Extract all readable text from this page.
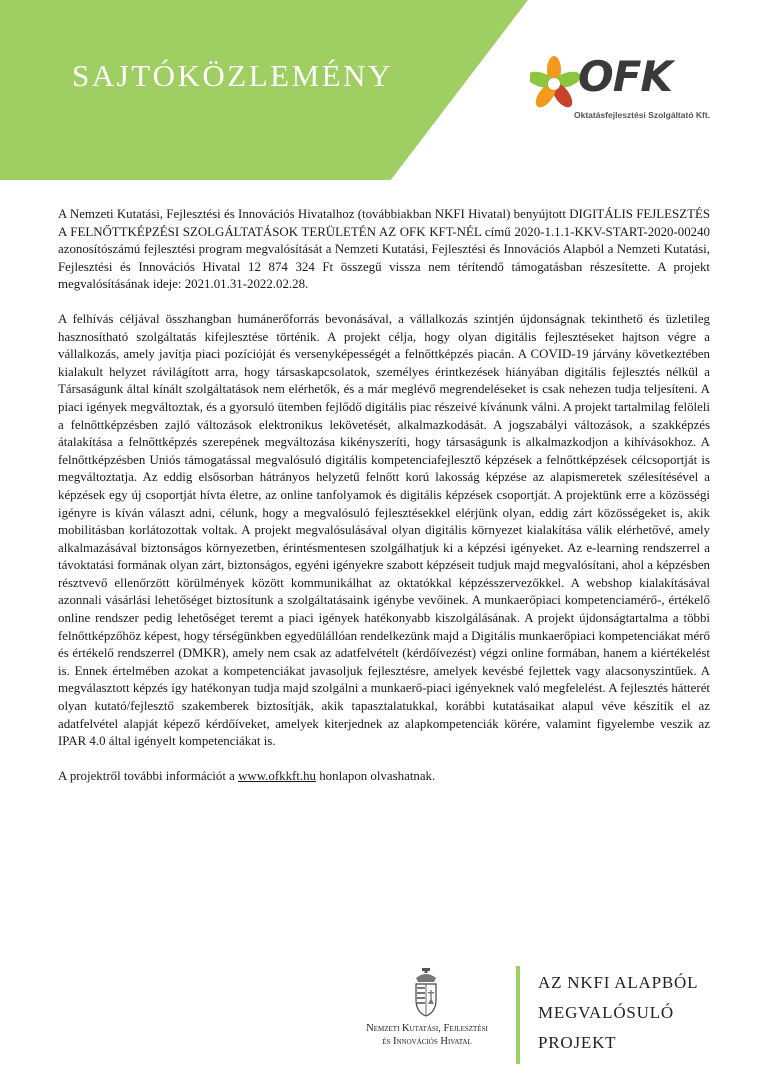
SAJTÓKÖZLEMÉNY	OFK
Oktatásfejlesztési Szolgáltató Kft.

A Nemzeti Kutatási, Fejlesztési és Innovációs Hivatalhoz (továbbiakban NKFI Hivatal) benyújtott DIGITÁLIS FEJLESZTÉS A FELNŐTTKÉPZÉSI SZOLGÁLTATÁSOK TERÜLETÉN AZ OFK KFT-NÉL című 2020-1.1.1-KKV-START-2020-00240 azonosítószámú fejlesztési program megvalósítását a Nemzeti Kutatási, Fejlesztési és Innovációs Alapból a Nemzeti Kutatási, Fejlesztési és Innovációs Hivatal 12 874 324 Ft összegű vissza nem térítendő támogatásban részesítette. A projekt megvalósításának ideje: 2021.01.31-2022.02.28.

A felhívás céljával összhangban humánerőforrás bevonásával, a vállalkozás szintjén újdonságnak tekinthető és üzletileg hasznosítható szolgáltatás kifejlesztése történik. A projekt célja, hogy olyan digitális fejlesztéseket hajtson végre a vállalkozás, amely javítja piaci pozícióját és versenyképességét a felnőttképzés piacán. A COVID-19 járvány következtében kialakult helyzet rávilágított arra, hogy társaskapcsolatok, személyes érintkezések hiányában digitális fejlesztés nélkül a Társaságunk által kínált szolgáltatások nem elérhetők, és a már meglévő megrendeléseket is csak nehezen tudja teljesíteni. A piaci igények megváltoztak, és a gyorsuló ütemben fejlődő digitális piac részeivé kívánunk válni. A projekt tartalmilag felöleli a felnőttképzésben zajló változások elektronikus lekövetését, alkalmazkodását. A jogszabályi változások, a szakképzés átalakítása a felnőttképzés szerepének megváltozása kikényszeríti, hogy társaságunk is alkalmazkodjon a kihívásokhoz. A felnőttképzésben Uniós támogatással megvalósuló digitális kompetenciafejlesztő képzések a felnőttképzések célcsoportját is megváltoztatja. Az eddig elsősorban hátrányos helyzetű felnőtt korú lakosság képzése az alapismeretek szélesítésével a képzések egy új csoportját hívta életre, az online tanfolyamok és digitális képzések csoportját. A projektünk erre a közösségi igényre is kíván választ adni, célunk, hogy a megvalósuló fejlesztésekkel elérjünk olyan, eddig zárt közösségeket is, akik mobilitásban korlátozottak voltak. A projekt megvalósulásával olyan digitális környezet kialakítása válik elérhetővé, amely alkalmazásával biztonságos környezetben, érintésmentesen szolgálhatjuk ki a képzési igényeket. Az e-learning rendszerrel a távoktatási formának olyan zárt, biztonságos, egyéni igényekre szabott képzéseit tudjuk majd megvalósítani, ahol a képzésben résztvevő ellenőrzött körülmények között kommunikálhat az oktatókkal képzésszervezőkkel. A webshop kialakításával azonnali vásárlási lehetőséget biztosítunk a szolgáltatásaink igénybe vevőinek. A munkaerőpiaci kompetenciamérő-, értékelő online rendszer pedig lehetőséget teremt a piaci igények hatékonyabb kiszolgálásának. A projekt újdonságtartalma a többi felnőttképzőhöz képest, hogy térségünkben egyedülállóan rendelkezünk majd a Digitális munkaerőpiaci kompetenciákat mérő és értékelő rendszerrel (DMKR), amely nem csak az adatfelvételt (kérdőívezést) végzi online formában, hanem a kiértékelést is. Ennek értelmében azokat a kompetenciákat javasoljuk fejlesztésre, amelyek kevésbé fejlettek vagy alacsonyszintűek. A megválasztott képzés így hatékonyan tudja majd szolgálni a munkaerő-piaci igényeknek való megfelelést. A fejlesztés hátterét olyan kutató/fejlesztő szakemberek biztosítják, akik tapasztalatukkal, korábbi kutatásaikat alapul véve készítik el az adatfelvétel alapját képező kérdőíveket, amelyek kiterjednek az alapkompetenciák körére, valamint figyelembe veszik az IPAR 4.0 által igényelt kompetenciákat is.

A projektről további információt a www.ofkkft.hu honlapon olvashatnak.

Nemzeti Kutatási, Fejlesztési
és Innovációs Hivatal
AZ NKFI ALAPBÓL
MEGVALÓSULÓ
PROJEKT
